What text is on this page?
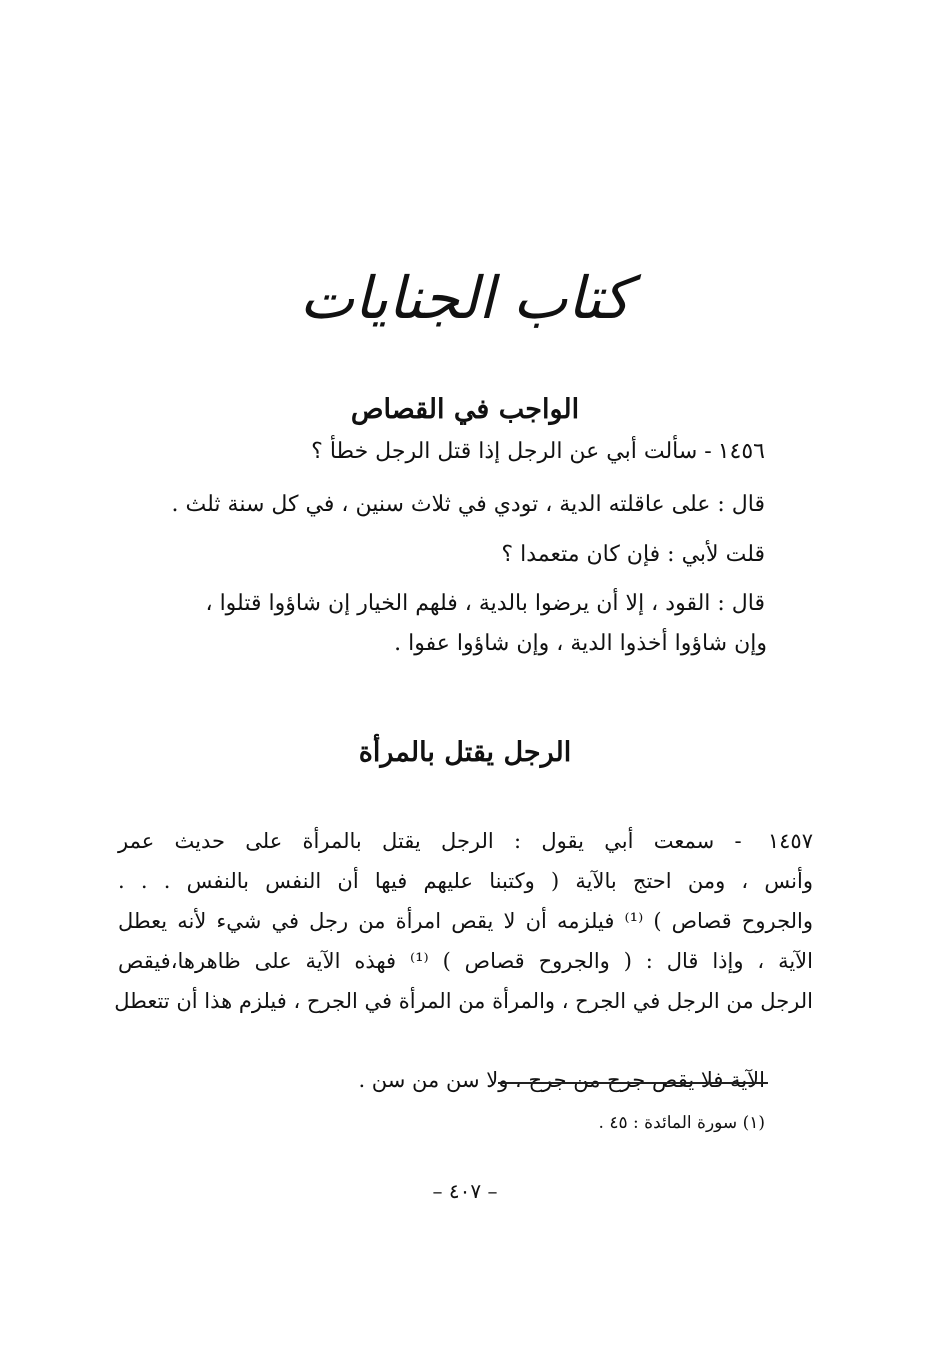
كتاب الجنايات
الواجب في القصاص
١٤٥٦- سألت أبي عن الرجل إذا قتل الرجل خطأ ؟
قال : على عاقلته الدية ، تودي في ثلاث سنين ، في كل سنة ثلث .
قلت لأبي : فإن كان متعمدا ؟
قال : القود ، إلا أن يرضوا بالدية ، فلهم الخيار إن شاؤوا قتلوا ،
وإن شاؤوا أخذوا الدية ، وإن شاؤوا عفوا .
الرجل يقتل بالمرأة
١٤٥٧ - سمعت أبي يقول : الرجل يقتل بالمرأة على حديث عمر
وأنس ، ومن احتج بالآية ( وكتبنا عليهم فيها أن النفس بالنفس . . .
والجروح قصاص ) ⁽¹⁾ فيلزمه أن لا يقص امرأة من رجل في شيء لأنه يعطل
الآية ، وإذا قال : ( والجروح قصاص ) ⁽¹⁾ فهذه الآية على ظاهرها،فيقص
الرجل من الرجل في الجرح ، والمرأة من المرأة في الجرح ، فيلزم هذا أن تتعطل
الآية فلا يقص جرح من جرح ، ولا سن من سن .
(١) سورة المائدة : ٤٥ .
– ٤٠٧ –
